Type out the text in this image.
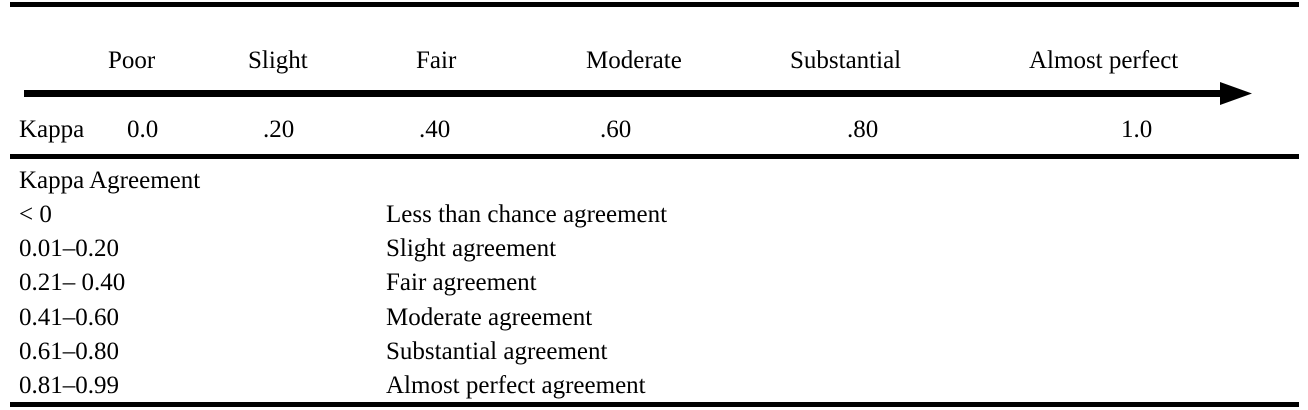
Poor	Slight	Fair	Moderate	Substantial	Almost perfect
Kappa 0.0	.20	.40	.60	.80	1.0
Kappa Agreement
< 0	Less than chance agreement
0.01–0.20	Slight agreement
0.21– 0.40	Fair agreement
0.41–0.60	Moderate agreement
0.61–0.80	Substantial agreement
0.81–0.99	Almost perfect agreement
